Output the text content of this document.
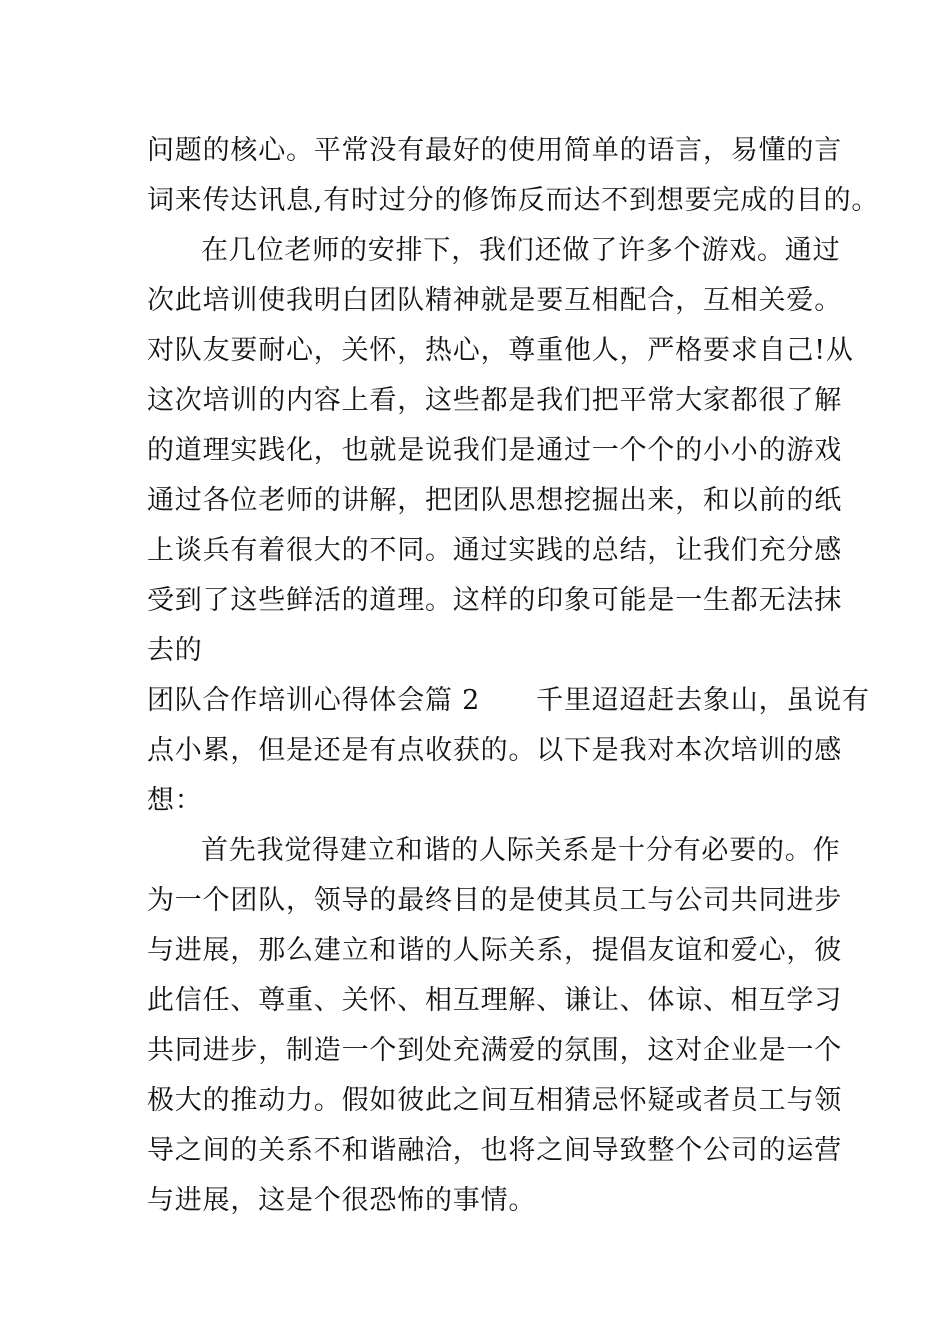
问题的核心。平常没有最好的使用简单的语言，易懂的言
词来传达讯息,有时过分的修饰反而达不到想要完成的目的。
在几位老师的安排下，我们还做了许多个游戏。通过
次此培训使我明白团队精神就是要互相配合，互相关爱。
对队友要耐心，关怀，热心，尊重他人，严格要求自己!从
这次培训的内容上看，这些都是我们把平常大家都很了解
的道理实践化，也就是说我们是通过一个个的小小的游戏
通过各位老师的讲解，把团队思想挖掘出来，和以前的纸
上谈兵有着很大的不同。通过实践的总结，让我们充分感
受到了这些鲜活的道理。这样的印象可能是一生都无法抹
去的
团队合作培训心得体会篇 2 千里迢迢赶去象山，虽说有
点小累，但是还是有点收获的。以下是我对本次培训的感
想：
首先我觉得建立和谐的人际关系是十分有必要的。作
为一个团队，领导的最终目的是使其员工与公司共同进步
与进展，那么建立和谐的人际关系，提倡友谊和爱心，彼
此信任、尊重、关怀、相互理解、谦让、体谅、相互学习
共同进步，制造一个到处充满爱的氛围，这对企业是一个
极大的推动力。假如彼此之间互相猜忌怀疑或者员工与领
导之间的关系不和谐融洽，也将之间导致整个公司的运营
与进展，这是个很恐怖的事情。
